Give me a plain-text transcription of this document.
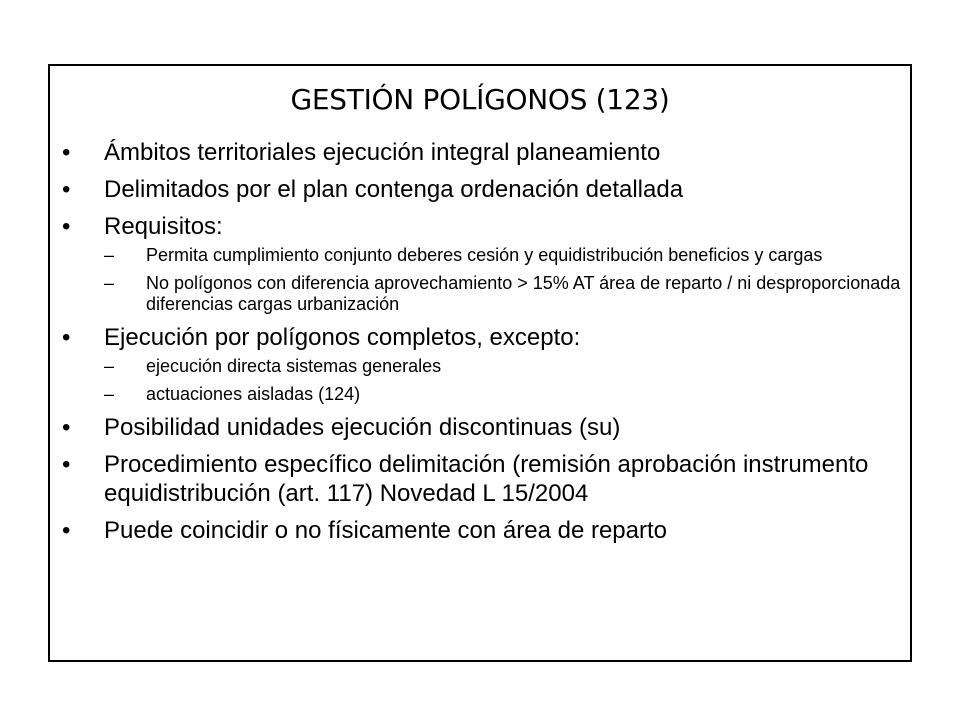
GESTIÓN POLÍGONOS (123)
•	Ámbitos territoriales ejecución integral planeamiento
•	Delimitados por el plan contenga ordenación detallada
•	Requisitos:
–	Permita cumplimiento conjunto deberes cesión y equidistribución beneficios y cargas
–	No polígonos con diferencia aprovechamiento > 15% AT área de reparto / ni desproporcionada diferencias cargas urbanización
•	Ejecución por polígonos completos, excepto:
–	ejecución directa sistemas generales
–	actuaciones aisladas (124)
•	Posibilidad unidades ejecución discontinuas (su)
•	Procedimiento específico delimitación (remisión aprobación instrumento equidistribución (art. 117) Novedad L 15/2004
•	Puede coincidir o no físicamente con área de reparto
